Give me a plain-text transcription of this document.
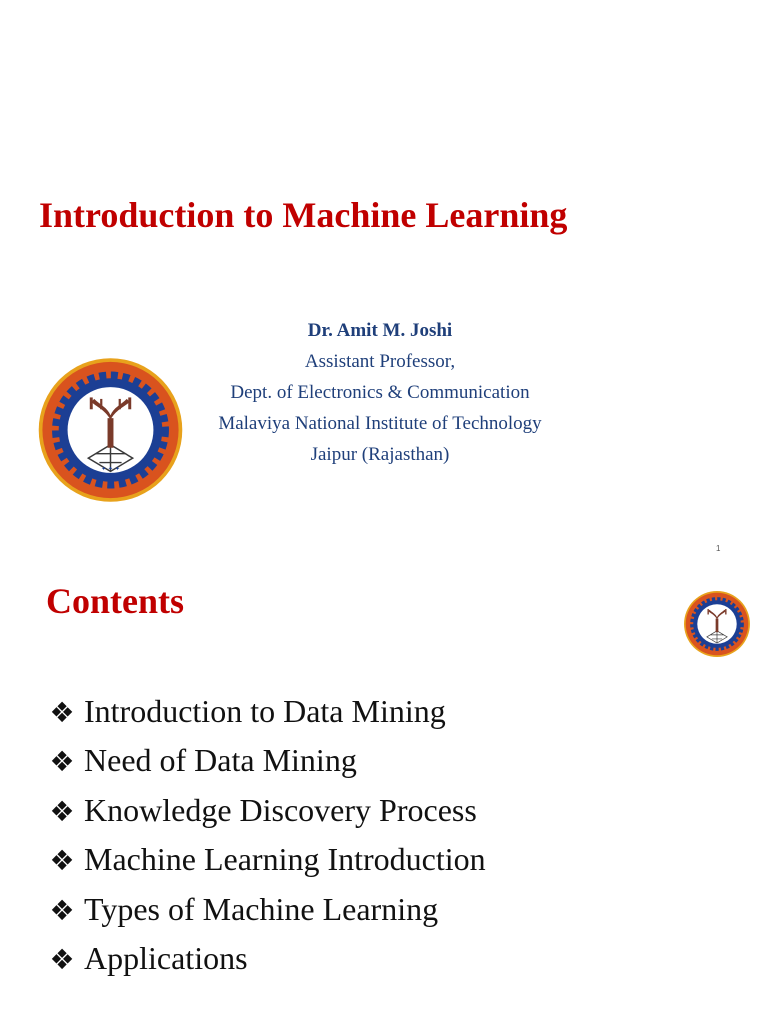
Introduction to Machine Learning
Dr. Amit M. Joshi
Assistant Professor,
Dept. of Electronics & Communication
Malaviya National Institute of Technology
Jaipur (Rajasthan)
✦ ✦ ✦
1
Contents
❖ Introduction to Data Mining
❖ Need of Data Mining
❖ Knowledge Discovery Process
❖ Machine Learning Introduction
❖ Types of Machine Learning
❖ Applications
